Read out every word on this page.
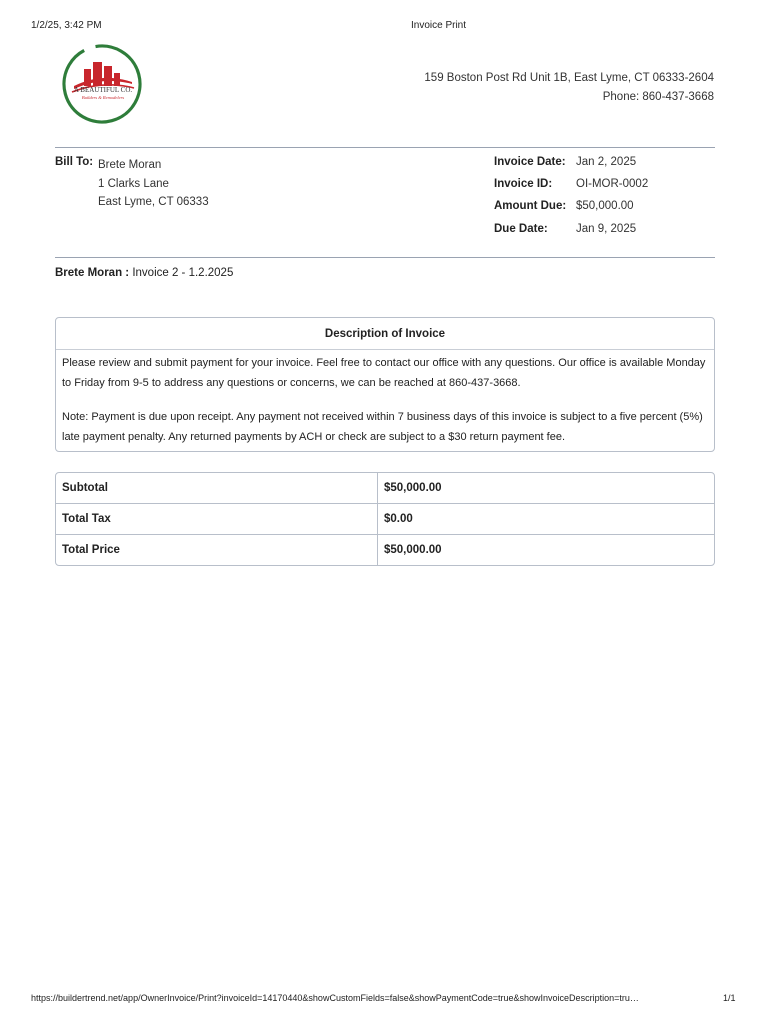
1/2/25, 3:42 PM	Invoice Print
A BEAUTIFUL CO.
Builders & Remodelers
159 Boston Post Rd Unit 1B, East Lyme, CT 06333-2604
Phone: 860-437-3668
Bill To: Brete Moran
1 Clarks Lane
East Lyme, CT 06333
Invoice Date:	Jan 2, 2025
Invoice ID:	OI-MOR-0002
Amount Due:	$50,000.00
Due Date:	Jan 9, 2025
Brete Moran : Invoice 2 - 1.2.2025
Description of Invoice

Please review and submit payment for your invoice. Feel free to contact our office with any questions. Our office is available Monday to Friday from 9-5 to address any questions or concerns, we can be reached at 860-437-3668.

Note: Payment is due upon receipt. Any payment not received within 7 business days of this invoice is subject to a five percent (5%) late payment penalty. Any returned payments by ACH or check are subject to a $30 return payment fee.

Subtotal	$50,000.00
Total Tax	$0.00
Total Price	$50,000.00
https://buildertrend.net/app/OwnerInvoice/Print?invoiceId=14170440&showCustomFields=false&showPaymentCode=true&showInvoiceDescription=tru…	1/1
